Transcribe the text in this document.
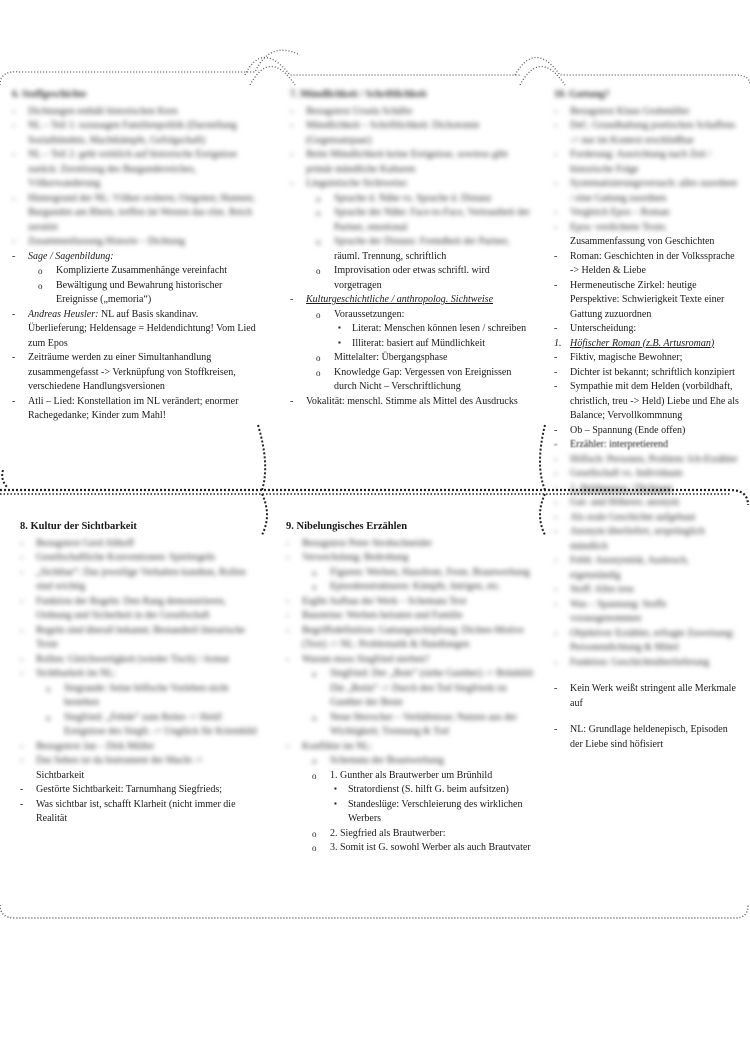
6. Stoffgeschichte
-	Dichtungen enthält historischen Kern
-	NL – Teil 1: sozusagen Familienpolitik (Darstellung Sozialbündnis, Machtkämpfe, Gefolgschaft)
-	NL – Teil 2: geht wirklich auf historische Ereignisse zurück: Zerstörung des Burgunderreiches, Völkerwanderung
-	Hintergrund der NL: Völker erobern; Ostgoten; Hunnen; Burgunden am Rhein, treffen im Westen das röm. Reich zerstört
-	Zusammenfassung Historie – Dichtung
-	Sage / Sagenbildung:
o Komplizierte Zusammenhänge vereinfacht
o Bewältigung und Bewahrung historischer Ereignisse („memoria“)
-	Andreas Heusler: NL auf Basis skandinav. Überlieferung; Heldensage = Heldendichtung! Vom Lied zum Epos
-	Zeiträume werden zu einer Simultanhandlung zusammengefasst -> Verknüpfung von Stoffkreisen, verschiedene Handlungsversionen
-	Atli – Lied: Konstellation im NL verändert; enormer Rachegedanke; Kinder zum Mahl!
7. Mündlichkeit / Schriftlichkeit
-	Bezugstext Ursula Schäfer
-	Mündlichkeit – Schriftlichkeit: Dichotomie (Gegensatzpaar)
-	Beim Mündlichkeit keine Ereignisse, sowieso gibt primär mündliche Kulturen
-	Linguistische Sichtweise:
o Sprache d. Nähe vs. Sprache d. Distanz
o Sprache der Nähe: Face-to-Face, Vertrautheit der Partner, emotional
o Sprache der Distanz: Fremdheit der Partner,
räuml. Trennung, schriftlich
o Improvisation oder etwas schriftl. wird vorgetragen
-	Kulturgeschichtliche / anthropolog. Sichtweise
o Voraussetzungen:
▪ Literat: Menschen können lesen / schreiben
▪ Illiterat: basiert auf Mündlichkeit
o Mittelalter: Übergangsphase
o Knowledge Gap: Vergessen von Ereignissen durch Nicht – Verschriftlichung
-	Vokalität: menschl. Stimme als Mittel des Ausdrucks
10. Gattung?
-	Bezugstext Klaus Grubmüller
-	Def.: Grundhaltung poetischen Schaffens -> nur im Kontext erschließbar
-	Forderung: Ausrichtung nach Zeit / historische Folge
-	Systematisierungsversuch: alles zuordnen / eine Gattung zuordnen
-	Vergleich Epos – Roman
-	Epos: verdichtete Texte;
Zusammenfassung von Geschichten
-	Roman: Geschichten in der Volkssprache -> Helden & Liebe
-	Hermeneutische Zirkel: heutige Perspektive: Schwierigkeit Texte einer Gattung zuzuordnen
-	Unterscheidung:
1. Höfischer Roman (z.B. Artusroman)
-	Fiktiv, magische Bewohner;
-	Dichter ist bekannt; schriftlich konzipiert
-	Sympathie mit dem Helden (vorbildhaft, christlich, treu -> Held) Liebe und Ehe als Balance; Vervollkommnung
-	Ob – Spannung (Ende offen)
-	Erzähler: interpretierend
-	Höfisch: Personen, Problem: Ich-Erzähler
-	Gesellschaft vs. Individuum
-	2. Heldenepos / Dichtung
-	Gut- und Höheres: anonym
-	Als orale Geschichte aufgebaut
-	Anonym überliefert, ursprünglich mündlich
-	Fehlt: Anonymität, Ausbruch, eigenständig
-	Stoff: Alles treu
-	Was – Spannung: Stoffe vorausgenommen
-	Objektiver Erzähler, erfragte Zuweisung: Personendichtung & Mittel
-	Funktion: Geschichtsüberlieferung
-	Kein Werk weißt stringent alle Merkmale auf
-	NL: Grundlage heldenepisch, Episoden der Liebe sind höfisiert
8. Kultur der Sichtbarkeit
-	Bezugstext Gerd Althoff
-	Gesellschaftliche Konventionen: Spielregeln
-	„Sichtbar“: Das jeweilige Verhalten kundtun, Rollen sind wichtig
-	Funktion der Regeln: Den Rang demonstrieren, Ordnung und Sicherheit in der Gesellschaft
-	Regeln sind überall bekannt; Bestandteil literarische Texte
-	Rollen: Gleichwertigkeit (wieder Tisch) / Armut
-	Sichtbarkeit im NL:
o Siegrande: Seine höfische Vorleben nicht bestehen
o Siegfried: „Fehde“ zum Reiter -> Held! Ereignisse des Siegfr. -> Unglück für Kriemhild
-	Bezugstext Jan – Dirk Müller
-	Das Sehen ist da Instrument der Macht ->
Sichtbarkeit
-	Gestörte Sichtbarkeit: Tarnumhang Siegfrieds;
-	Was sichtbar ist, schafft Klarheit (nicht immer die Realität
9. Nibelungisches Erzählen
-	Bezugstext Peter Strohschneider
-	Verwechslung; Bedrohung
o Figuren: Werben, Hausfeste, Feste, Brautwerbung
o Episodenstrukturen: Kämpfe, Intrigen, etc.
-	Ergibt Aufbau der Werk – Schemata Text
-	Bausteine: Werben heiraten und Familie
-	Begriffsdefinition: Gattungsschöpfung: Dichter-Motive (Text) -> NL: Problematik & Handlungen
-	Warum muss Siegfried sterben?
o Siegfried: Der „Bote“ (siehe Gunther) -> Brünhild: Die „Botin“ -> Durch den Tod Siegfrieds ist Gunther der Beste
o Neue Herrscher – Verhältnisse; Nutzen aus der Wichtigkeit; Trennung & Tod
-	Konflikte im NL:
o Schemata der Brautwerbung
o 1. Gunther als Brautwerber um Brünhild
▪ Stratordienst (S. hilft G. beim aufsitzen)
▪ Standeslüge: Verschleierung des wirklichen Werbers
o 2. Siegfried als Brautwerber:
o 3. Somit ist G. sowohl Werber als auch Brautvater
